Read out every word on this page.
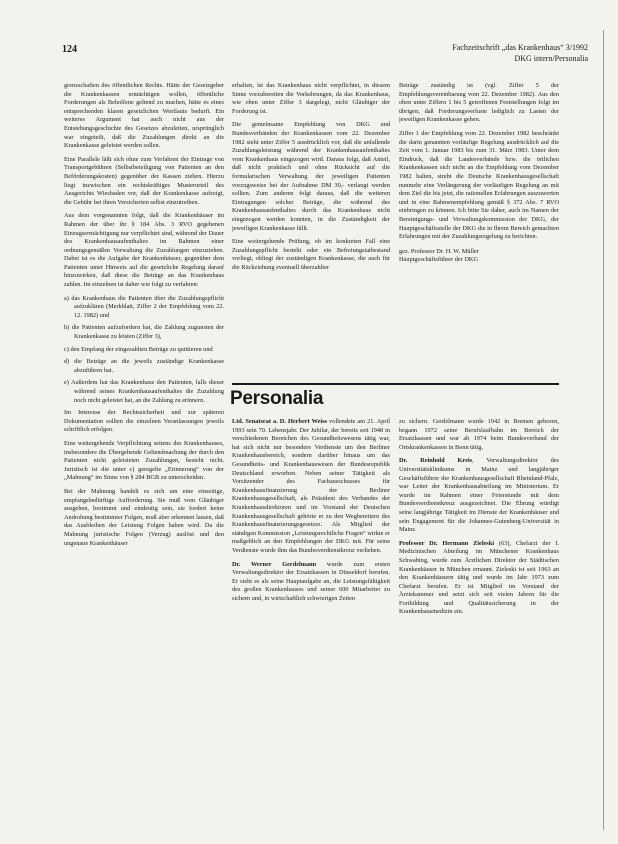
124	Fachzeitschrift „das Krankenhaus“ 3/1992
DKG intern/Personalia

grenzschaften des öffentlichen Rechts. Hätte der Gesetzgeber die Krankenkassen ermächtigen wollen, öffentliche Forderungen als Beholfene geltend zu machen, hätte es eines entsprechenden klaren gesetzlichen Wortlauts bedurft. Ein weiteres Argument hat auch nicht aus der Entstehungsgeschichte des Gesetzes abzuleiten, ursprünglich war eingeteilt, daß die Zuzahlungen direkt an die Krankenkasse geleistet werden sollen.

Eine Parallele läßt sich ohne zum Verfahren der Eintrage von Transportgebühren (Selbstbeteiligung von Patienten an den Beförderungskosten) gegenüber der Kassen ziehen. Hierzu liegt inzwischen ein rechtskräftiges Musterurteil des Ausgerichts Wiesbaden vor, daß der Krankenkasse aufzeigt, die Gebühr bei ihren Versicherten selbst einzutreiben.

Aus dem vorgenannten folgt, daß die Krankenhäuser im Rahmen der über ihr § 184 Abs. 3 RVO gegebenen Einzugsermächtigung nur verpflichtet sind, während der Dauer des Krankenhausaufenthaltes im Rahmen einer ordnungsgemäßen Verwaltung die Zuzahlungen einzuziehen. Dabei ist es die Aufgabe der Krankenhäuser, gegenüber dem Patienten unter Hinweis auf die gesetzliche Regelung darauf hinzuwirken, daß diese die Beträge an das Krankenhaus zahlen. Im einzelnen ist daher wie folgt zu verfahren:

a) das Krankenhaus die Patienten über die Zuzahlungspflicht aufzuklären (Merkblatt, Ziffer 2 der Empfehlung vom 22. 12. 1982) und

b) die Patienten aufzufordern hat, die Zahlung zugunsten der Krankenkasse zu leisten (Ziffer 3),

c) den Empfang der eingezahlten Beträge zu quittieren und

d) die Beträge an die jeweils zuständige Krankenkasse abzuführen hat.

e) Außerdem hat das Krankenhaus den Patienten, falls dieser während seines Krankenhausaufenthaltes die Zuzahlung noch nicht geleistet hat, an die Zahlung zu erinnern.

Im Interesse der Rechtssicherheit und zur späteren Dokumentation sollten die einzelnen Veranlassungen jeweils schriftlich erfolgen.

Eine weitergehende Verpflichtung seitens des Krankenhauses, insbesondere die Übergehende Geltendmachung der durch den Patienten nicht geleisteten Zuzahlungen, besteht nicht. Juristisch ist die unter c) geregelte „Erinnerung“ von der „Mahnung“ im Sinne von § 284 BGB zu unterscheiden.

Bei der Mahnung handelt es sich um eine einseitige, empfangsbedürftige Aufforderung. Sie muß vom Gläubiger ausgehen, bestimmt und eindeutig sein, sie fordert keine Androhung bestimmter Folgen, muß aber erkennen lassen, daß das Ausbleiben der Leistung Folgen haben wird. Da die Mahnung juristische Folgen (Verzug) auslöst und den ungenaue Krankenhäuser

erhalten, ist das Krankenhaus nicht verpflichtet, in diesem Sinne vorzubereiten die Vorkehrungen, da das Krankenhaus, wie oben unter Ziffer 3 dargelegt, nicht Gläubiger der Forderung ist.

Die gemeinsame Empfehlung von DKG und Bundesverbänden der Krankenkassen vom 22. Dezember 1982 sieht unter Ziffer 5 ausdrücklich vor, daß die anfallende Zuzahlungsleistung während der Krankenhausaufenthaltes vom Krankenhaus eingezogen wird. Daraus folgt, daß Anteil, daß nicht praktisch und ohne Rücksicht auf die formularischen Verwaltung der jeweiligen Patienten vorzugsweise bei der Aufnahme DM 30,- verlangt werden sollten. Zum anderen folgt daraus, daß die weiteren Eintragungen solcher Beträge, die während des Krankenhausaufenthaltes durch das Krankenhaus nicht eingezogen werden konnten, in die Zuständigkeit der jeweiligen Krankenkasse fällt.

Eine weitergehende Prüfung, ob im konkreten Fall eine Zuzahlungspflicht besteht oder ein Befreiungstatbestand vorliegt, obliegt der zuständigen Krankenkasse, die auch für die Rückziehung eventuell überzahlter

Beträge zuständig ist (vgl. Ziffer 5 der Empfehlungsvereinbarung vom 22. Dezember 1982). Aus den oben unter Ziffern 1 bis 5 getroffenen Feststellungen folgt im übrigen, daß Forderungsverluste lediglich zu Lasten der jeweiligen Krankenkasse gehen.

Ziffer 1 der Empfehlung vom 22. Dezember 1982 beschränkt die darin genannten vorläufige Regelung ausdrücklich auf die Zeit vom 1. Januar 1983 bis zum 31. März 1983. Unter dem Eindruck, daß die Landesverbände bzw. die örtlichen Krankenkassen sich nicht an die Empfehlung vom Dezember 1982 halten, strebt die Deutsche Krankenhausgesellschaft nunmehr eine Verlängerung der vorläufigen Regelung an mit dem Ziel die bis jetzt, die rationellen Erfahrungen auszuwerten und in eine Rahmenempfehlung gemäß § 372 Abs. 7 RVO einbringen zu können. Ich bitte Sie daher, auch im Namen der Bereinigungs- und Verwaltungskommission der DKG, der Hauptgeschäftsstelle der DKG die in Ihrem Bereich gemachten Erfahrungen mit der Zuzahlungsregelung zu berichten.

gez. Professor Dr. H. W. Müller
Hauptgeschäftsführer der DKG

Personalia

Ltd. Senatsrat a. D. Herbert Weiss vollendete am 21. April 1993 sein 70. Lebensjahr. Der Jubilar, der bereits seit 1948 in verschiedenen Bereichen des Gesundheitswesens tätig war, hat sich nicht nur besondere Verdienste um den Berliner Krankenhausbereich, sondern darüber hinaus um das Gesundheits- und Krankenhauswesen der Bundesrepublik Deutschland erworben. Neben seiner Tätigkeit als Vorsitzender des Fachausschusses für Krankenhausfinanzierung der Berliner Krankenhausgesellschaft, als Präsident des Verbandes der Krankenhausdirektoren und im Vorstand der Deutschen Krankenhausgesellschaft gehörte er zu den Wegbereitern des Krankenhausfinanzierungsgesetzes. Als Mitglied der ständigen Kommission „Leistungsrechtliche Fragen“ wirkte er maßgeblich an den Empfehlungen der DKG mit. Für seine Verdienste wurde ihm das Bundesverdienstkreuz verliehen.

Dr. Werner Gerdelmann wurde zum ersten Verwaltungsdirektor der Ersatzkassen in Düsseldorf berufen. Er sieht es als seine Hauptaufgabe an, die Leistungsfähigkeit des großen Krankenhauses und seiner 600 Mitarbeiter zu sichern und, in wirtschaftlich schwierigen Zeiten

zu sichern. Gerdelmann wurde 1942 in Bremen geboren, begann 1972 seine Berufslaufbahn im Bereich der Ersatzkassen und war ab 1974 beim Bundesverband der Ortskrankenkassen in Bonn tätig.

Dr. Reinhold Kreis, Verwaltungsdirektor des Universitätsklinikums in Mainz und langjähriger Geschäftsführer der Krankenhausgesellschaft Rheinland-Pfalz, war Leiter der Krankenhausabteilung im Ministerium. Er wurde im Rahmen einer Feierstunde mit dem Bundesverdienstkreuz ausgezeichnet. Die Ehrung würdigt seine langjährige Tätigkeit im Dienste der Krankenhäuser und sein Engagement für die Johannes-Gutenberg-Universität in Mainz.

Professor Dr. Hermann Zieleski (63), Chefarzt der I. Medizinischen Abteilung im Münchener Krankenhaus Schwabing, wurde zum Ärztlichen Direktor der Städtischen Krankenhäuser in München ernannt. Zieleski ist seit 1963 an den Krankenhäusern tätig und wurde im Jahr 1973 zum Chefarzt berufen. Er ist Mitglied im Vorstand der Ärztekammer und setzt sich seit vielen Jahren für die Fortbildung und Qualitätssicherung in der Krankenhausmedizin ein.
